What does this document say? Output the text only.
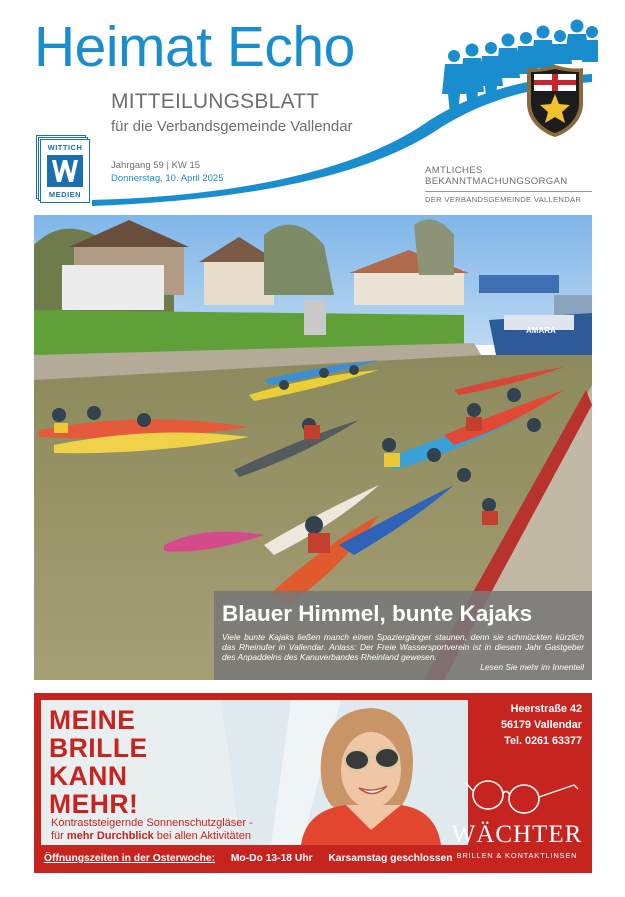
Heimat Echo
MITTEILUNGSBLATT
für die Verbandsgemeinde Vallendar
Jahrgang 59 | KW 15
Donnerstag, 10. April 2025
WITTICH
MEDIEN
AMTLICHES
BEKANNTMACHUNGSORGAN
DER VERBANDSGEMEINDE VALLENDAR
AMARA
Blauer Himmel, bunte Kajaks
Viele bunte Kajaks ließen manch einen Spaziergänger staunen, denn sie schmückten kürzlich das Rheinufer in Vallendar. Anlass: Der Freie Wassersportverein ist in diesem Jahr Gastgeber des Anpaddelns des Kanuverbandes Rheinland gewesen.
Lesen Sie mehr im Innenteil
MEINE
BRILLE
KANN
MEHR!
Kontraststeigernde Sonnenschutzgläser -
für mehr Durchblick bei allen Aktivitäten
Heerstraße 42
56179 Vallendar
Tel. 0261 63377
WÄCHTER
BRILLEN & KONTAKTLINSEN
Öffnungszeiten in der Osterwoche: Mo-Do 13-18 Uhr Karsamstag geschlossen
